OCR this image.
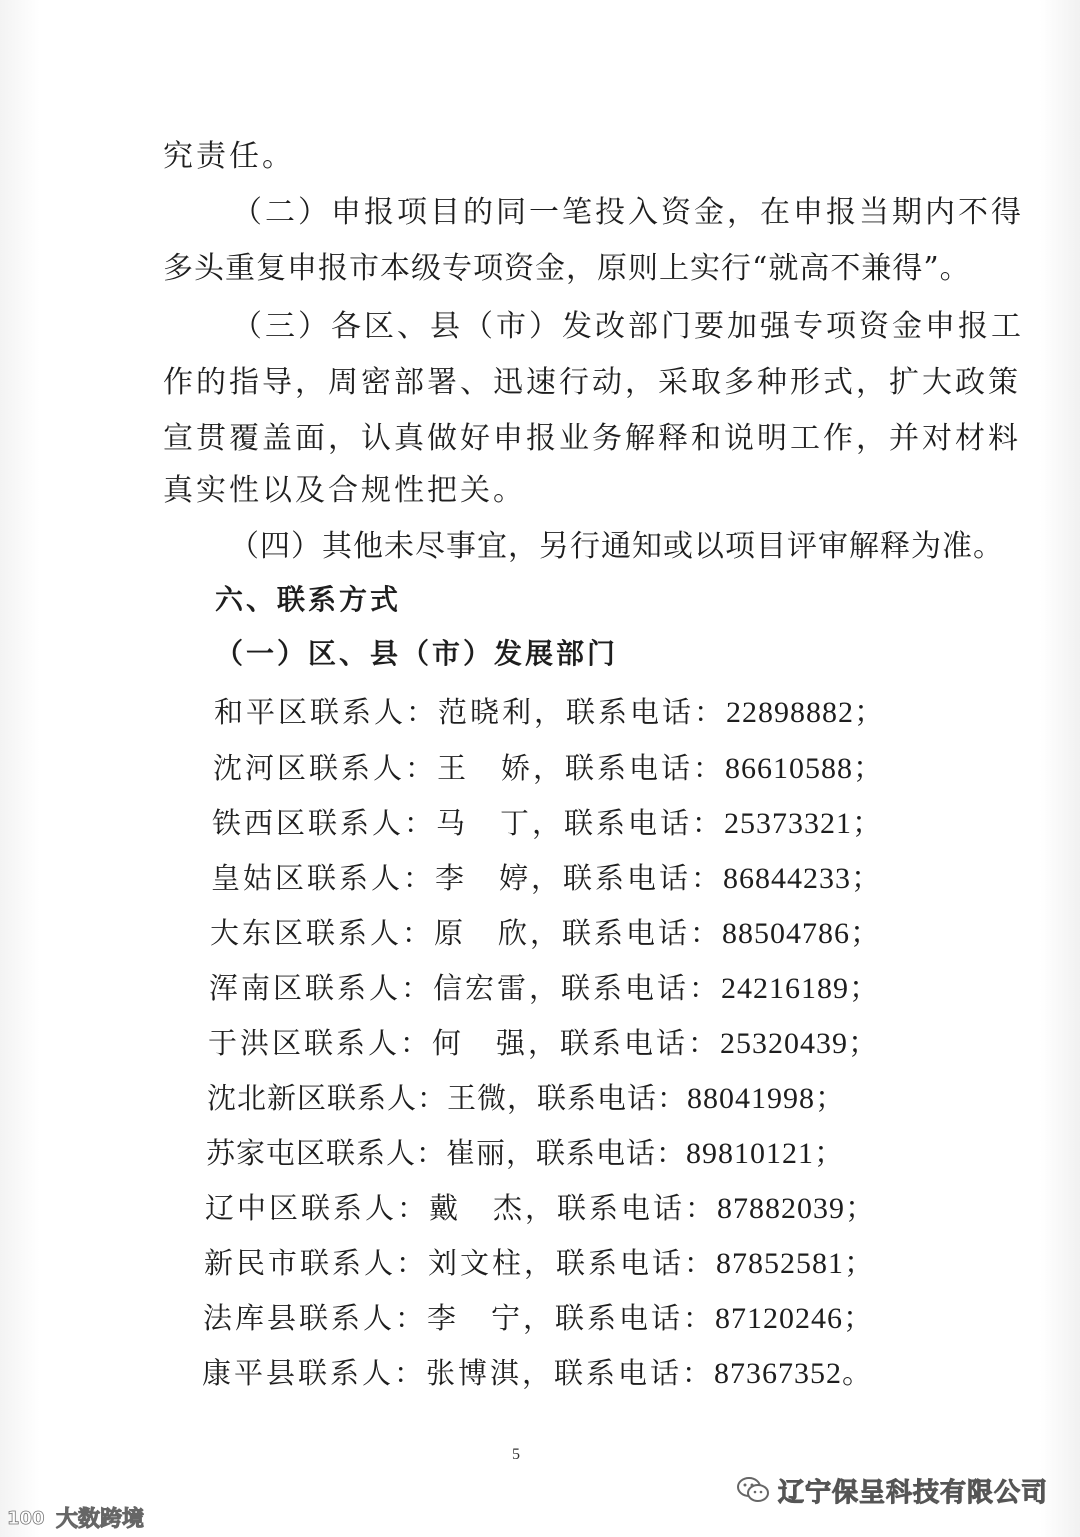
究责任。
（二）申报项目的同一笔投入资金，在申报当期内不得
多头重复申报市本级专项资金，原则上实行“就高不兼得”。
（三）各区、县（市）发改部门要加强专项资金申报工
作的指导，周密部署、迅速行动，采取多种形式，扩大政策
宣贯覆盖面，认真做好申报业务解释和说明工作，并对材料
真实性以及合规性把关。
（四）其他未尽事宜，另行通知或以项目评审解释为准。
六、联系方式
（一）区、县（市）发展部门
和平区联系人：范晓利，联系电话：22898882；
沈河区联系人：王　娇，联系电话：86610588；
铁西区联系人：马　丁，联系电话：25373321；
皇姑区联系人：李　婷，联系电话：86844233；
大东区联系人：原　欣，联系电话：88504786；
浑南区联系人：信宏雷，联系电话：24216189；
于洪区联系人：何　强，联系电话：25320439；
沈北新区联系人：王微，联系电话：88041998；
苏家屯区联系人：崔丽，联系电话：89810121；
辽中区联系人：戴　杰，联系电话：87882039；
新民市联系人：刘文柱，联系电话：87852581；
法库县联系人：李　宁，联系电话：87120246；
康平县联系人：张博淇，联系电话：87367352。
5
辽宁保呈科技有限公司
100 大数跨境
